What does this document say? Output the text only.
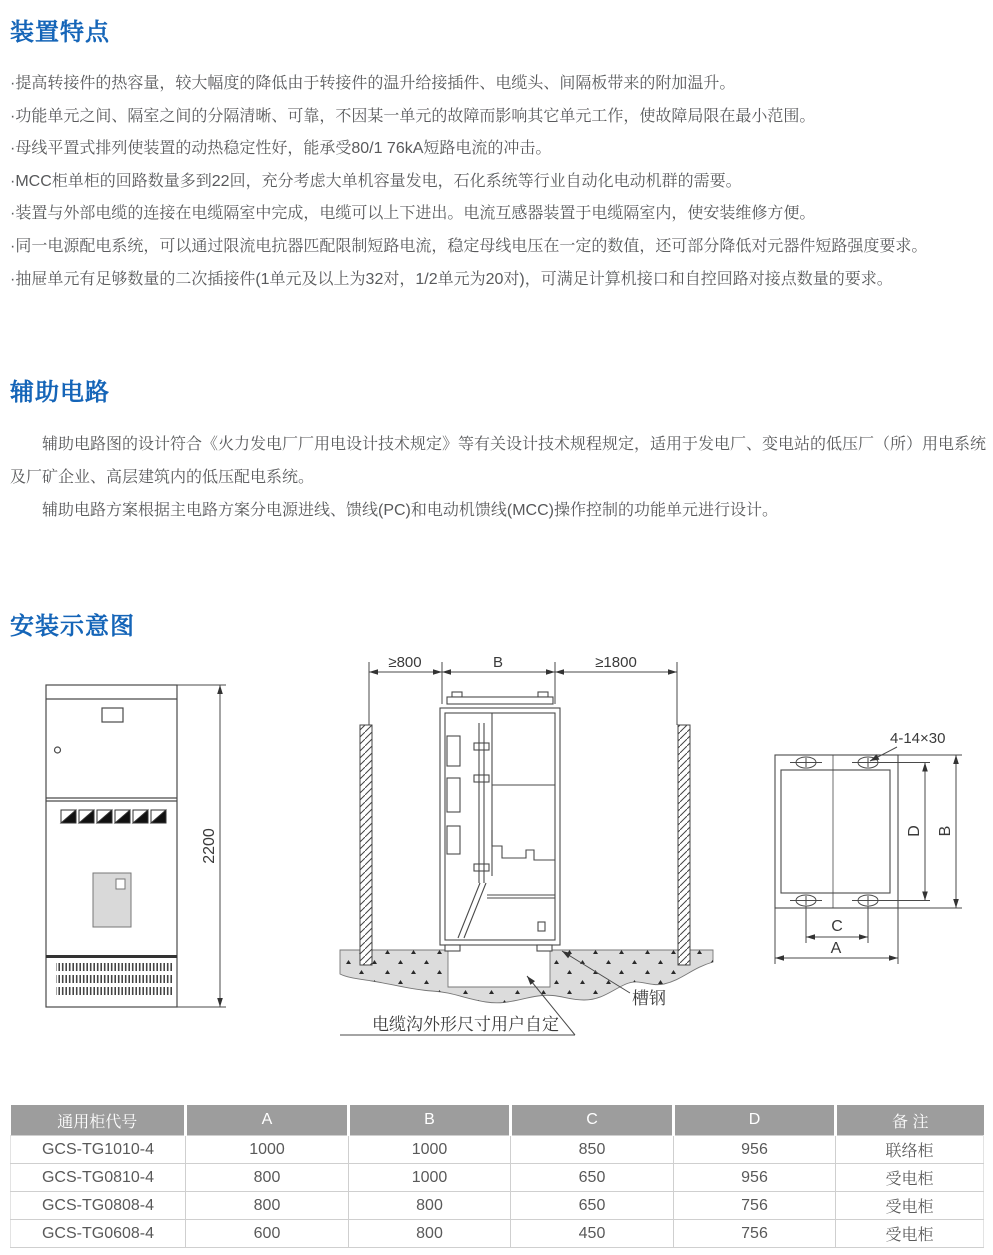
装置特点
·提高转接件的热容量，较大幅度的降低由于转接件的温升给接插件、电缆头、间隔板带来的附加温升。
·功能单元之间、隔室之间的分隔清晰、可靠，不因某一单元的故障而影响其它单元工作，使故障局限在最小范围。
·母线平置式排列使装置的动热稳定性好，能承受80/1 76kA短路电流的冲击。
·MCC柜单柜的回路数量多到22回，充分考虑大单机容量发电，石化系统等行业自动化电动机群的需要。
·装置与外部电缆的连接在电缆隔室中完成，电缆可以上下进出。电流互感器装置于电缆隔室内，使安装维修方便。
·同一电源配电系统，可以通过限流电抗器匹配限制短路电流，稳定母线电压在一定的数值，还可部分降低对元器件短路强度要求。
·抽屉单元有足够数量的二次插接件(1单元及以上为32对，1/2单元为20对)，可满足计算机接口和自控回路对接点数量的要求。
辅助电路

辅助电路图的设计符合《火力发电厂厂用电设计技术规定》等有关设计技术规程规定，适用于发电厂、变电站的低压厂（所）用电系统及厂矿企业、高层建筑内的低压配电系统。

辅助电路方案根据主电路方案分电源进线、馈线(PC)和电动机馈线(MCC)操作控制的功能单元进行设计。

安装示意图
2200
≥800	B	≥1800
槽钢
电缆沟外形尺寸用户自定
4-14×30
D B
C
A
通用柜代号	A	B	C	D	备 注
GCS-TG1010-4	1000	1000	850	956	联络柜
GCS-TG0810-4	800	1000	650	956	受电柜
GCS-TG0808-4	800	800	650	756	受电柜
GCS-TG0608-4	600	800	450	756	受电柜
